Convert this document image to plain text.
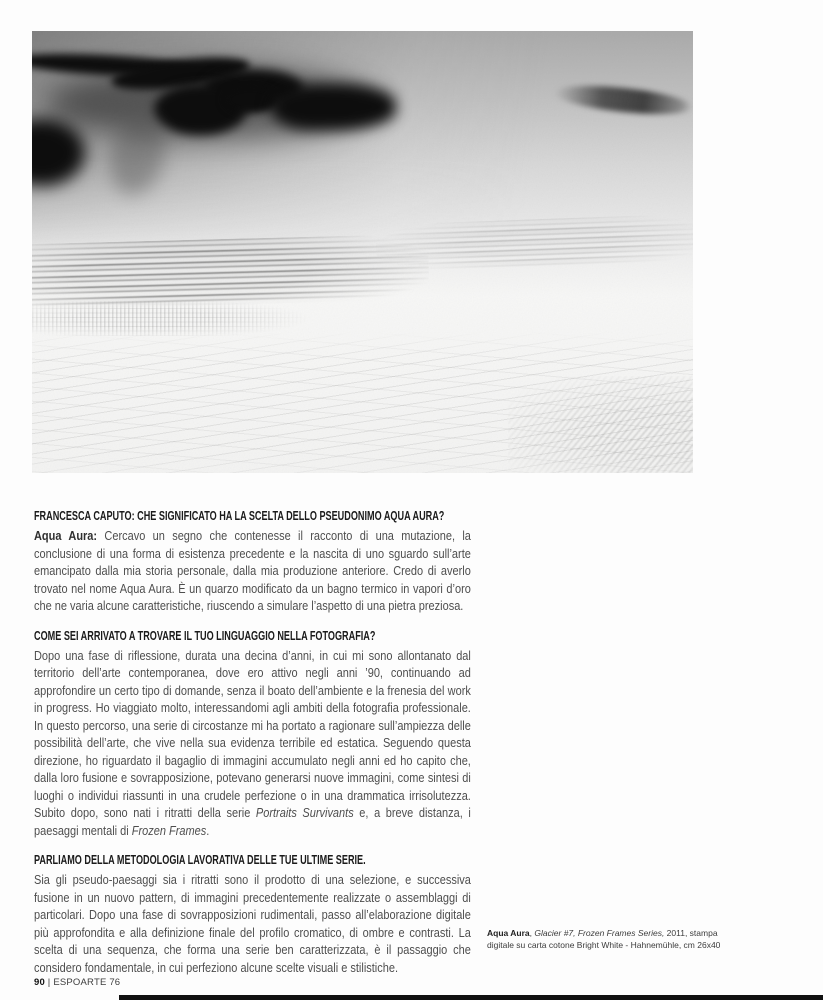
FRANCESCA CAPUTO: CHE SIGNIFICATO HA LA SCELTA DELLO PSEUDONIMO AQUA AURA?

Aqua Aura: Cercavo un segno che contenesse il racconto di una mutazione, la conclusione di una forma di esistenza precedente e la nascita di uno sguardo sull’arte emancipato dalla mia storia personale, dalla mia produzione anteriore. Credo di averlo trovato nel nome Aqua Aura. È un quarzo modificato da un bagno termico in vapori d’oro che ne varia alcune caratteristiche, riuscendo a simulare l’aspetto di una pietra preziosa.

COME SEI ARRIVATO A TROVARE IL TUO LINGUAGGIO NELLA FOTOGRAFIA?

Dopo una fase di riflessione, durata una decina d’anni, in cui mi sono allontanato dal territorio dell’arte contemporanea, dove ero attivo negli anni ’90, continuando ad approfondire un certo tipo di domande, senza il boato dell’ambiente e la frenesia del work in progress. Ho viaggiato molto, interessandomi agli ambiti della fotografia professionale. In questo percorso, una serie di circostanze mi ha portato a ragionare sull’ampiezza delle possibilità dell’arte, che vive nella sua evidenza terribile ed estatica. Seguendo questa direzione, ho riguardato il bagaglio di immagini accumulato negli anni ed ho capito che, dalla loro fusione e sovrapposizione, potevano generarsi nuove immagini, come sintesi di luoghi o individui riassunti in una crudele perfezione o in una drammatica irrisolutezza. Subito dopo, sono nati i ritratti della serie Portraits Survivants e, a breve distanza, i paesaggi mentali di Frozen Frames.

PARLIAMO DELLA METODOLOGIA LAVORATIVA DELLE TUE ULTIME SERIE.

Sia gli pseudo-paesaggi sia i ritratti sono il prodotto di una selezione, e successiva fusione in un nuovo pattern, di immagini precedentemente realizzate o assemblaggi di particolari. Dopo una fase di sovrapposizioni rudimentali, passo all’elaborazione digitale più approfondita e alla definizione finale del profilo cromatico, di ombre e contrasti. La scelta di una sequenza, che forma una serie ben caratterizzata, è il passaggio che considero fondamentale, in cui perfeziono alcune scelte visuali e stilistiche.

Aqua Aura, Glacier #7, Frozen Frames Series, 2011, stampa digitale su carta cotone Bright White - Hahnemühle, cm 26x40
90 | ESPOARTE 76
